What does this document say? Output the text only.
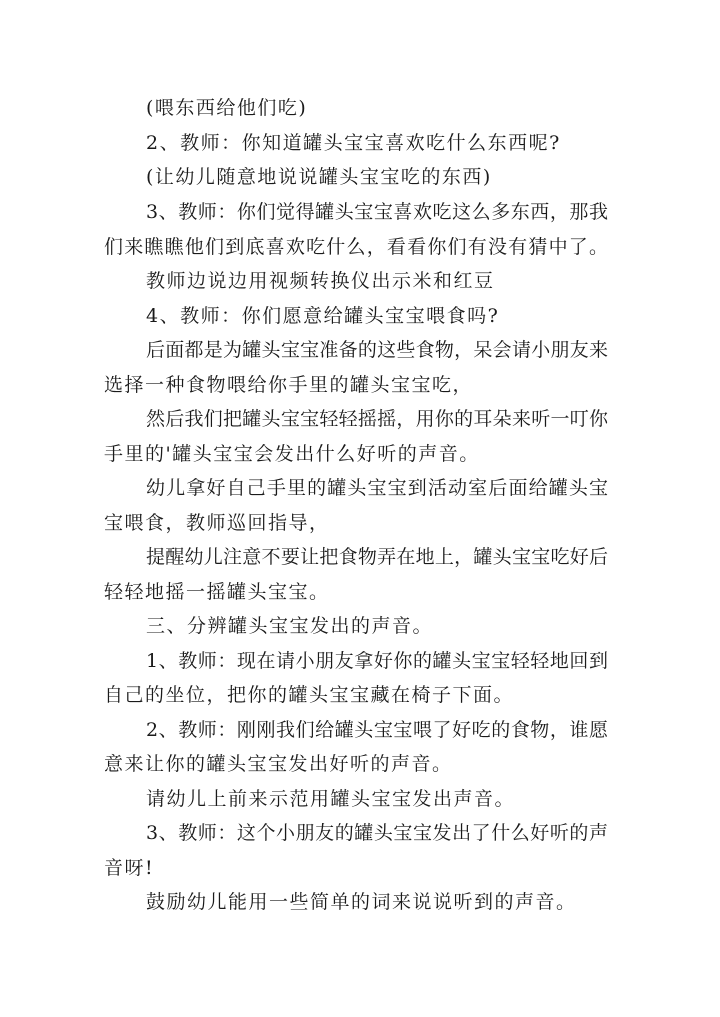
(喂东西给他们吃)
2、教师：你知道罐头宝宝喜欢吃什么东西呢?
(让幼儿随意地说说罐头宝宝吃的东西)
3、教师：你们觉得罐头宝宝喜欢吃这么多东西，那我
们来瞧瞧他们到底喜欢吃什么，看看你们有没有猜中了。
教师边说边用视频转换仪出示米和红豆
4、教师：你们愿意给罐头宝宝喂食吗?
后面都是为罐头宝宝准备的这些食物，呆会请小朋友来
选择一种食物喂给你手里的罐头宝宝吃，
然后我们把罐头宝宝轻轻摇摇，用你的耳朵来听一叮你
手里的'罐头宝宝会发出什么好听的声音。
幼儿拿好自己手里的罐头宝宝到活动室后面给罐头宝
宝喂食，教师巡回指导，
提醒幼儿注意不要让把食物弄在地上，罐头宝宝吃好后
轻轻地摇一摇罐头宝宝。
三、分辨罐头宝宝发出的声音。
1、教师：现在请小朋友拿好你的罐头宝宝轻轻地回到
自己的坐位，把你的罐头宝宝藏在椅子下面。
2、教师：刚刚我们给罐头宝宝喂了好吃的食物，谁愿
意来让你的罐头宝宝发出好听的声音。
请幼儿上前来示范用罐头宝宝发出声音。
3、教师：这个小朋友的罐头宝宝发出了什么好听的声
音呀!
鼓励幼儿能用一些简单的词来说说听到的声音。
